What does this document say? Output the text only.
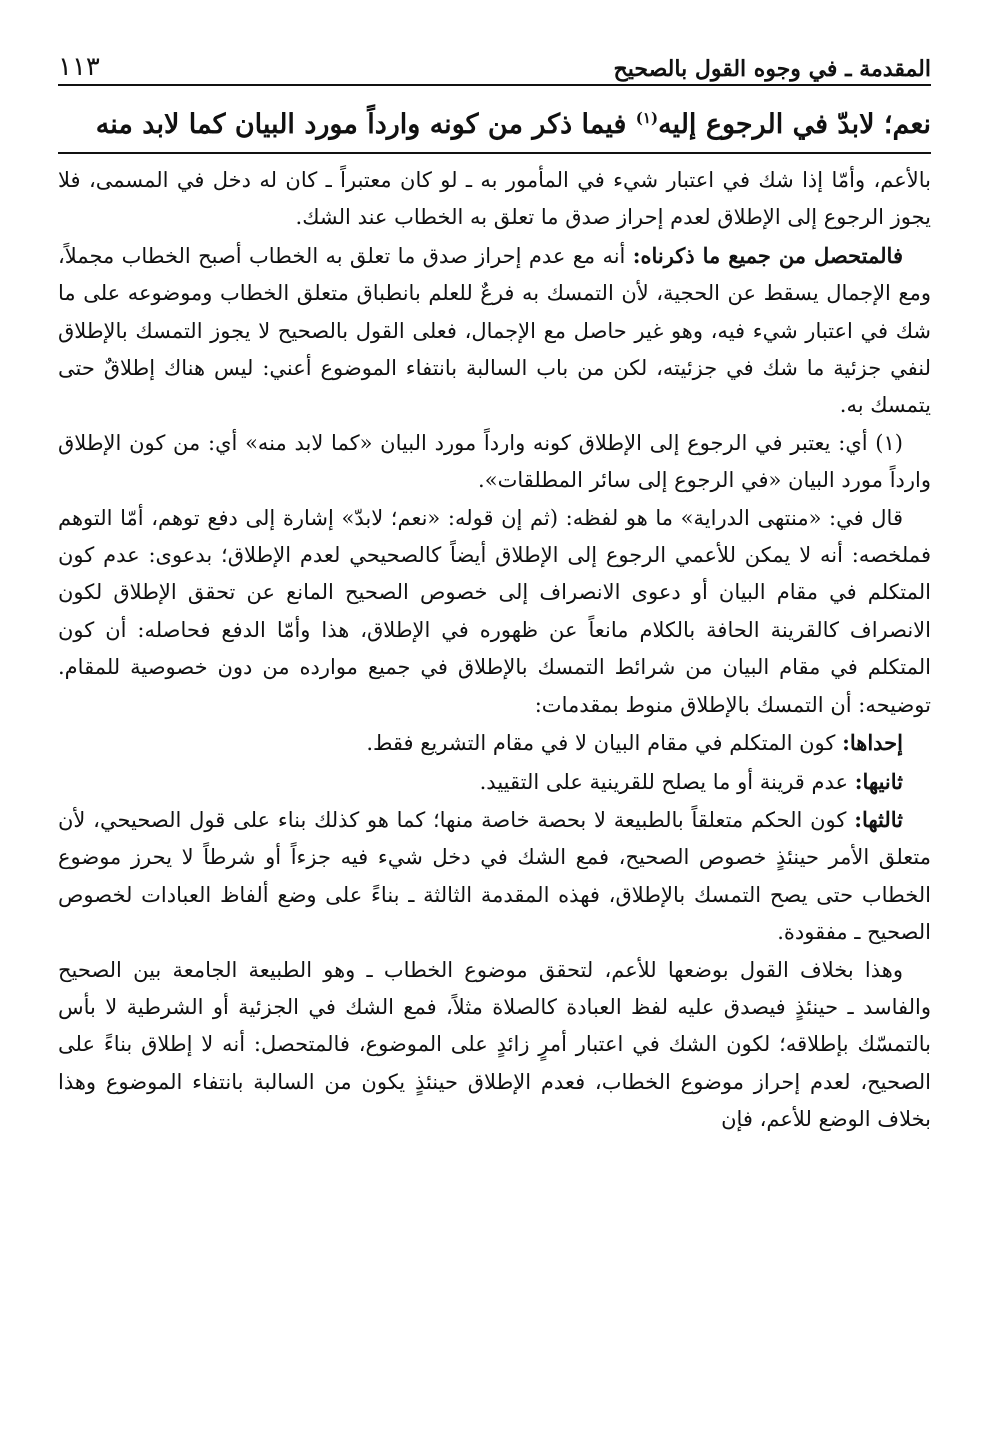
١١٣	المقدمة ـ في وجوه القول بالصحيح
نعم؛ لابدّ في الرجوع إليه$^{(١)}$ فيما ذكر من كونه وارداً مورد البيان كما لابد منه

بالأعم، وأمّا إذا شك في اعتبار شيء في المأمور به ـ لو كان معتبراً ـ كان له دخل في المسمى، فلا يجوز الرجوع إلى الإطلاق لعدم إحراز صدق ما تعلق به الخطاب عند الشك.

فالمتحصل من جميع ما ذكرناه: أنه مع عدم إحراز صدق ما تعلق به الخطاب أصبح الخطاب مجملاً، ومع الإجمال يسقط عن الحجية، لأن التمسك به فرعٌ للعلم بانطباق متعلق الخطاب وموضوعه على ما شك في اعتبار شيء فيه، وهو غير حاصل مع الإجمال، فعلى القول بالصحيح لا يجوز التمسك بالإطلاق لنفي جزئية ما شك في جزئيته، لكن من باب السالبة بانتفاء الموضوع أعني: ليس هناك إطلاقٌ حتى يتمسك به.

(١) أي: يعتبر في الرجوع إلى الإطلاق كونه وارداً مورد البيان «كما لابد منه» أي: من كون الإطلاق وارداً مورد البيان «في الرجوع إلى سائر المطلقات».

قال في: «منتهى الدراية» ما هو لفظه: (ثم إن قوله: «نعم؛ لابدّ» إشارة إلى دفع توهم، أمّا التوهم فملخصه: أنه لا يمكن للأعمي الرجوع إلى الإطلاق أيضاً كالصحيحي لعدم الإطلاق؛ بدعوى: عدم كون المتكلم في مقام البيان أو دعوى الانصراف إلى خصوص الصحيح المانع عن تحقق الإطلاق لكون الانصراف كالقرينة الحافة بالكلام مانعاً عن ظهوره في الإطلاق، هذا وأمّا الدفع فحاصله: أن كون المتكلم في مقام البيان من شرائط التمسك بالإطلاق في جميع موارده من دون خصوصية للمقام. توضيحه: أن التمسك بالإطلاق منوط بمقدمات:

إحداها: كون المتكلم في مقام البيان لا في مقام التشريع فقط.

ثانيها: عدم قرينة أو ما يصلح للقرينية على التقييد.

ثالثها: كون الحكم متعلقاً بالطبيعة لا بحصة خاصة منها؛ كما هو كذلك بناء على قول الصحيحي، لأن متعلق الأمر حينئذٍ خصوص الصحيح، فمع الشك في دخل شيء فيه جزءاً أو شرطاً لا يحرز موضوع الخطاب حتى يصح التمسك بالإطلاق، فهذه المقدمة الثالثة ـ بناءً على وضع ألفاظ العبادات لخصوص الصحيح ـ مفقودة.

وهذا بخلاف القول بوضعها للأعم، لتحقق موضوع الخطاب ـ وهو الطبيعة الجامعة بين الصحيح والفاسد ـ حينئذٍ فيصدق عليه لفظ العبادة كالصلاة مثلاً، فمع الشك في الجزئية أو الشرطية لا بأس بالتمسّك بإطلاقه؛ لكون الشك في اعتبار أمرٍ زائدٍ على الموضوع، فالمتحصل: أنه لا إطلاق بناءً على الصحيح، لعدم إحراز موضوع الخطاب، فعدم الإطلاق حينئذٍ يكون من السالبة بانتفاء الموضوع وهذا بخلاف الوضع للأعم، فإن
